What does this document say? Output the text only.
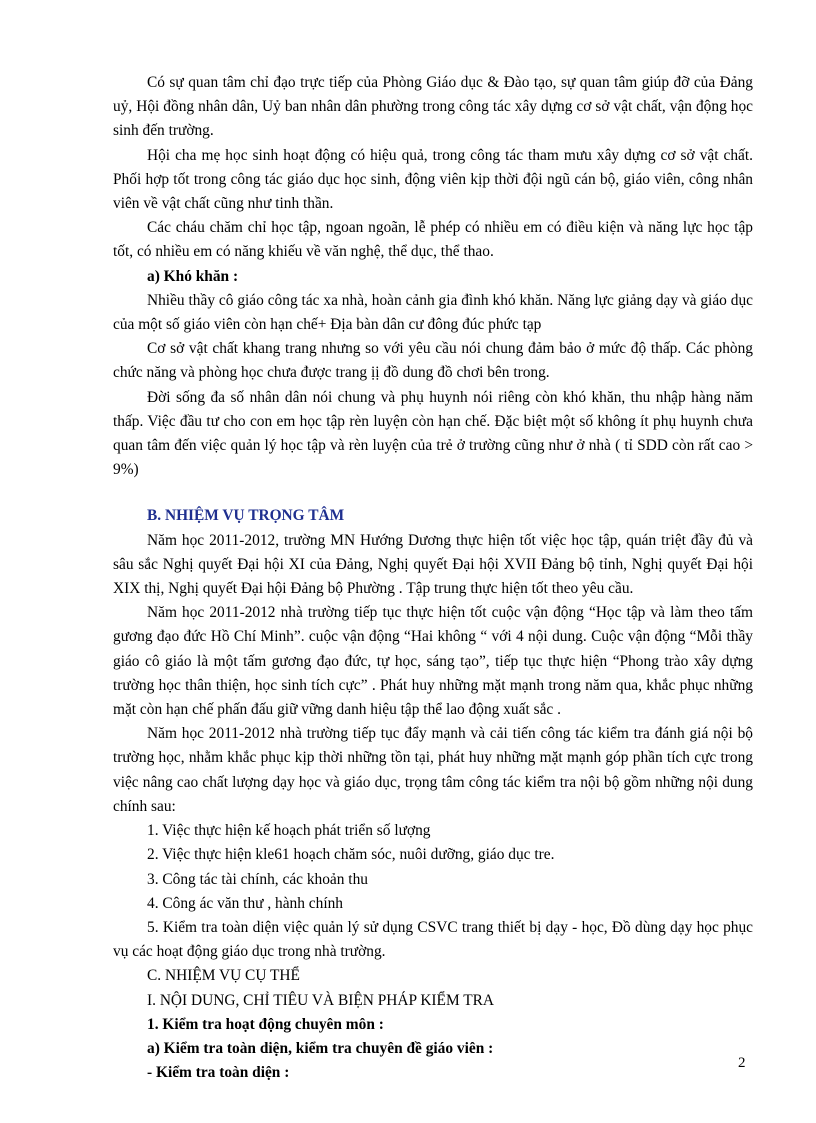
Có sự quan tâm chỉ đạo trực tiếp của Phòng Giáo dục & Đào tạo, sự quan tâm giúp đỡ của Đảng uỷ, Hội đồng nhân dân, Uỷ ban nhân dân phường trong công tác xây dựng cơ sở vật chất, vận động học sinh đến trường.

Hội cha mẹ học sinh hoạt động có hiệu quả, trong công tác tham mưu xây dựng cơ sở vật chất. Phối hợp tốt trong công tác giáo dục học sinh, động viên kịp thời đội ngũ cán bộ, giáo viên, công nhân viên về vật chất cũng như tinh thần.

Các cháu chăm chỉ học tập, ngoan ngoãn, lễ phép có nhiều em có điều kiện và năng lực học tập tốt, có nhiều em có năng khiếu về văn nghệ, thể dục, thể thao.

a) Khó khăn :

Nhiều thầy cô giáo công tác xa nhà, hoàn cảnh gia đình khó khăn. Năng lực giảng dạy và giáo dục của một số giáo viên còn hạn chế+ Địa bàn dân cư đông đúc phức tạp

Cơ sở vật chất khang trang nhưng so với yêu cầu nói chung đảm bảo ở mức độ thấp. Các phòng chức năng và phòng học chưa được trang ịị đồ dung đồ chơi bên trong.

Đời sống đa số nhân dân nói chung và phụ huynh nói riêng còn khó khăn, thu nhập hàng năm thấp. Việc đầu tư cho con em học tập rèn luyện còn hạn chế. Đặc biệt một số không ít phụ huynh chưa quan tâm đến việc quản lý học tập và rèn luyện của trẻ ở trường cũng như ở nhà ( tỉ SDD còn rất cao > 9%)

B. NHIỆM VỤ TRỌNG TÂM

Năm học 2011-2012, trường MN Hướng Dương thực hiện tốt việc học tập, quán triệt đầy đủ và sâu sắc Nghị quyết Đại hội XI của Đảng, Nghị quyết Đại hội XVII Đảng bộ tỉnh, Nghị quyết Đại hội XIX thị, Nghị quyết Đại hội Đảng bộ Phường . Tập trung thực hiện tốt theo yêu cầu.

Năm học 2011-2012 nhà trường tiếp tục thực hiện tốt cuộc vận động “Học tập và làm theo tấm gương đạo đức Hồ Chí Minh”. cuộc vận động “Hai không “ với 4 nội dung. Cuộc vận động “Mỗi thầy giáo cô giáo là một tấm gương đạo đức, tự học, sáng tạo”, tiếp tục thực hiện “Phong trào xây dựng trường học thân thiện, học sinh tích cực” . Phát huy những mặt mạnh trong năm qua, khắc phục những mặt còn hạn chế phấn đấu giữ vững danh hiệu tập thể lao động xuất sắc .

Năm học 2011-2012 nhà trường tiếp tục đẩy mạnh và cải tiến công tác kiểm tra đánh giá nội bộ trường học, nhằm khắc phục kịp thời những tồn tại, phát huy những mặt mạnh góp phần tích cực trong việc nâng cao chất lượng dạy học và giáo dục, trọng tâm công tác kiểm tra nội bộ gồm những nội dung chính sau:

1. Việc thực hiện kế hoạch phát triển số lượng

2. Việc thực hiện kle61 hoạch chăm sóc, nuôi dưỡng, giáo dục tre.

3. Công tác tài chính, các khoản thu

4. Công ác văn thư , hành chính

5. Kiểm tra toàn diện việc quản lý sử dụng CSVC trang thiết bị dạy - học, Đồ dùng dạy học phục vụ các hoạt động giáo dục trong nhà trường.

C. NHIỆM VỤ CỤ THỂ

I. NỘI DUNG, CHỈ TIÊU VÀ BIỆN PHÁP KIỂM TRA

1. Kiểm tra hoạt động chuyên môn :

a) Kiểm tra toàn diện, kiểm tra chuyên đề giáo viên :

- Kiểm tra toàn diện :

2
